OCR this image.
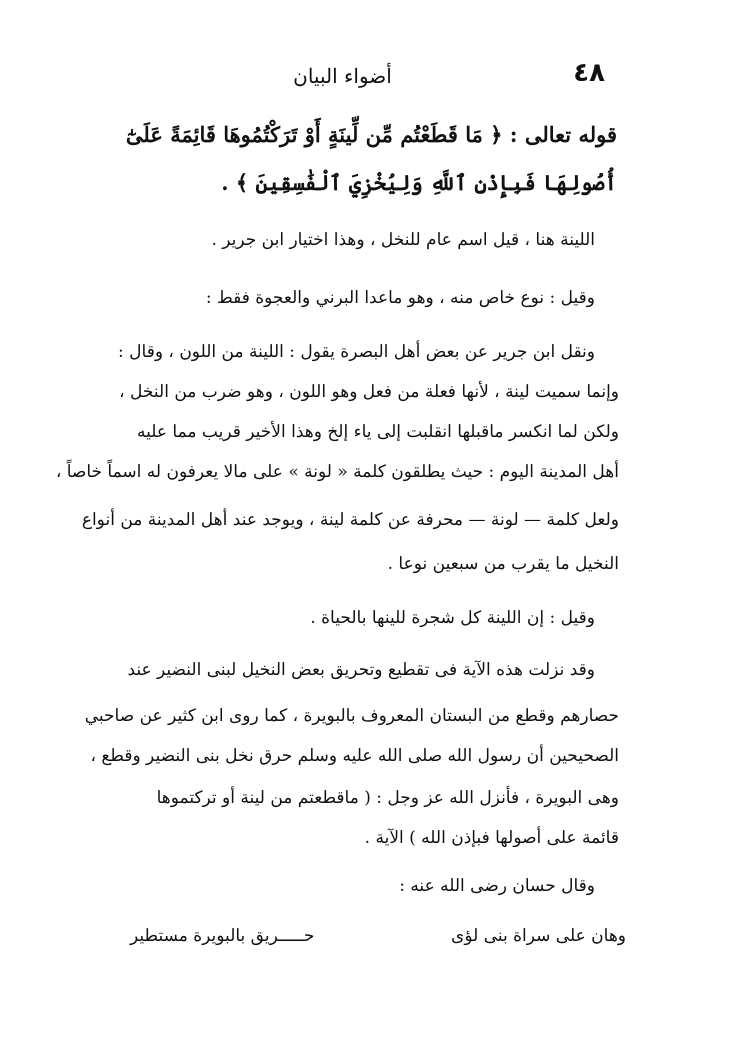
٤٨
أضواء البيان
قوله تعالى : ﴿ مَا قَطَعْتُم مِّن لِّينَةٍ أَوْ تَرَكْتُمُوهَا قَائِمَةً عَلَىٰٓ
أُصُولِهَا فَبِإِذْنِ ٱللَّهِ وَلِيُخْزِيَ ٱلْفَٰسِقِينَ ﴾ .
اللينة هنا ، قيل اسم عام للنخل ، وهذا اختيار ابن جرير .
وقيل : نوع خاص منه ، وهو ماعدا البرني والعجوة فقط :
ونقل ابن جرير عن بعض أهل البصرة يقول : اللينة من اللون ، وقال :
وإنما سميت لينة ، لأنها فعلة من فعل وهو اللون ، وهو ضرب من النخل ،
ولكن لما انكسر ماقبلها انقلبت إلى ياء إلخ وهذا الأخير قريب مما عليه
أهل المدينة اليوم : حيث يطلقون كلمة « لونة » على مالا يعرفون له اسماً خاصاً ،
ولعل كلمة — لونة — محرفة عن كلمة لينة ، ويوجد عند أهل المدينة من أنواع
النخيل ما يقرب من سبعين نوعا .
وقيل : إن اللينة كل شجرة للينها بالحياة .
وقد نزلت هذه الآية فى تقطيع وتحريق بعض النخيل لبنى النضير عند
حصارهم وقطع من البستان المعروف بالبويرة ، كما روى ابن كثير عن صاحبي
الصحيحين أن رسول الله صلى الله عليه وسلم حرق نخل بنى النضير وقطع ،
وهى البويرة ، فأنزل الله عز وجل : ( ماقطعتم من لينة أو تركتموها
قائمة على أصولها فبإذن الله ) الآية .
وقال حسان رضى الله عنه :
وهان على سراة بنى لؤى
حـــــريق بالبويرة مستطير
